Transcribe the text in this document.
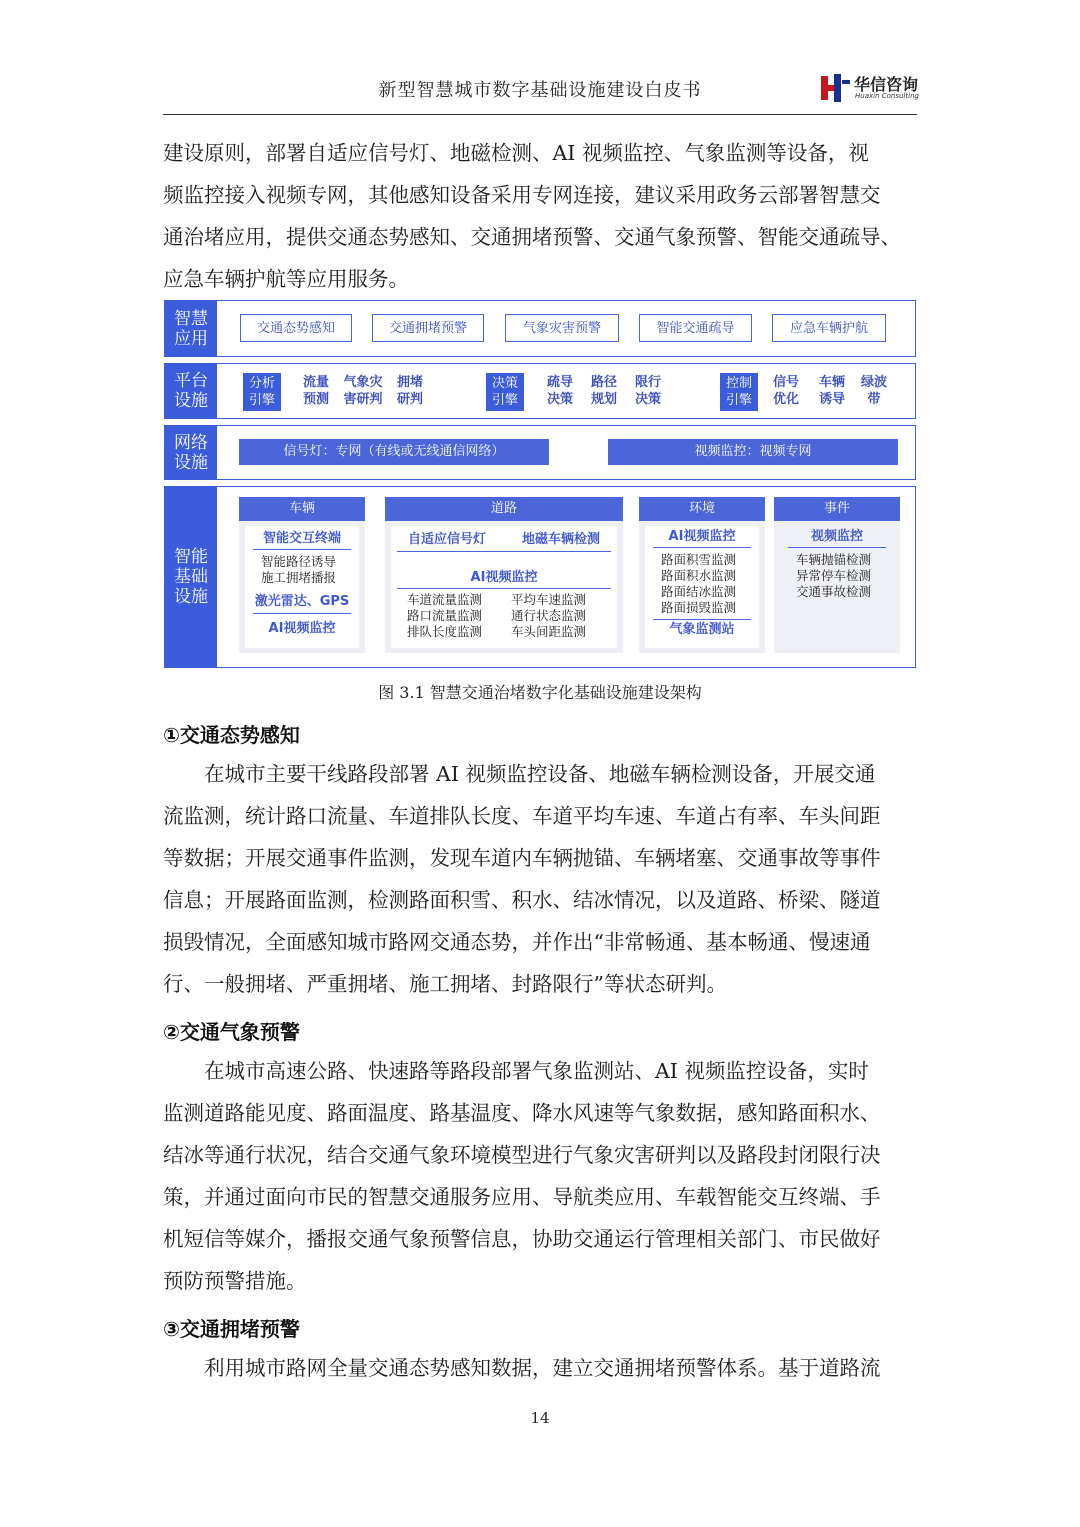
新型智慧城市数字基础设施建设白皮书	华信咨询
Huaxin Consulting

建设原则，部署自适应信号灯、地磁检测、AI 视频监控、气象监测等设备，视

频监控接入视频专网，其他感知设备采用专网连接，建议采用政务云部署智慧交

通治堵应用，提供交通态势感知、交通拥堵预警、交通气象预警、智能交通疏导、

应急车辆护航等应用服务。

智慧应用	交通态势感知	交通拥堵预警	气象灾害预警	智能交通疏导	应急车辆护航
平台设施
分析引擎
流量预测
气象灾害研判
拥堵研判
决策引擎
疏导决策
路径规划
限行决策
控制引擎
信号优化
车辆诱导
绿波带
网络设施
信号灯：专网（有线或无线通信网络）	视频监控：视频专网
智能基础设施
车辆
智能交互终端
智能路径诱导
施工拥堵播报
激光雷达、GPS
AI视频监控
道路
自适应信号灯	地磁车辆检测
AI视频监控
车道流量监测
路口流量监测
排队长度监测
平均车速监测
通行状态监测
车头间距监测
环境
AI视频监控
路面积雪监测
路面积水监测
路面结冰监测
路面损毁监测
气象监测站
事件
视频监控
车辆抛锚检测
异常停车检测
交通事故检测
图 3.1 智慧交通治堵数字化基础设施建设架构
①交通态势感知

在城市主要干线路段部署 AI 视频监控设备、地磁车辆检测设备，开展交通

流监测，统计路口流量、车道排队长度、车道平均车速、车道占有率、车头间距

等数据；开展交通事件监测，发现车道内车辆抛锚、车辆堵塞、交通事故等事件

信息；开展路面监测，检测路面积雪、积水、结冰情况，以及道路、桥梁、隧道

损毁情况，全面感知城市路网交通态势，并作出“非常畅通、基本畅通、慢速通

行、一般拥堵、严重拥堵、施工拥堵、封路限行”等状态研判。

②交通气象预警

在城市高速公路、快速路等路段部署气象监测站、AI 视频监控设备，实时

监测道路能见度、路面温度、路基温度、降水风速等气象数据，感知路面积水、

结冰等通行状况，结合交通气象环境模型进行气象灾害研判以及路段封闭限行决

策，并通过面向市民的智慧交通服务应用、导航类应用、车载智能交互终端、手

机短信等媒介，播报交通气象预警信息，协助交通运行管理相关部门、市民做好

预防预警措施。

③交通拥堵预警

利用城市路网全量交通态势感知数据，建立交通拥堵预警体系。基于道路流

14
